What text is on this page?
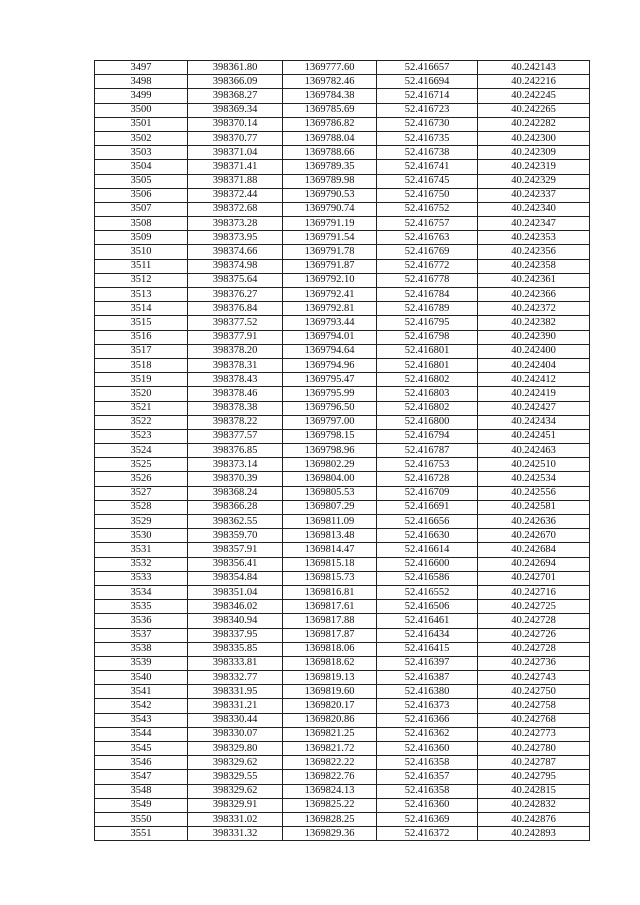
3497	398361.80	1369777.60	52.416657	40.242143
3498	398366.09	1369782.46	52.416694	40.242216
3499	398368.27	1369784.38	52.416714	40.242245
3500	398369.34	1369785.69	52.416723	40.242265
3501	398370.14	1369786.82	52.416730	40.242282
3502	398370.77	1369788.04	52.416735	40.242300
3503	398371.04	1369788.66	52.416738	40.242309
3504	398371.41	1369789.35	52.416741	40.242319
3505	398371.88	1369789.98	52.416745	40.242329
3506	398372.44	1369790.53	52.416750	40.242337
3507	398372.68	1369790.74	52.416752	40.242340
3508	398373.28	1369791.19	52.416757	40.242347
3509	398373.95	1369791.54	52.416763	40.242353
3510	398374.66	1369791.78	52.416769	40.242356
3511	398374.98	1369791.87	52.416772	40.242358
3512	398375.64	1369792.10	52.416778	40.242361
3513	398376.27	1369792.41	52.416784	40.242366
3514	398376.84	1369792.81	52.416789	40.242372
3515	398377.52	1369793.44	52.416795	40.242382
3516	398377.91	1369794.01	52.416798	40.242390
3517	398378.20	1369794.64	52.416801	40.242400
3518	398378.31	1369794.96	52.416801	40.242404
3519	398378.43	1369795.47	52.416802	40.242412
3520	398378.46	1369795.99	52.416803	40.242419
3521	398378.38	1369796.50	52.416802	40.242427
3522	398378.22	1369797.00	52.416800	40.242434
3523	398377.57	1369798.15	52.416794	40.242451
3524	398376.85	1369798.96	52.416787	40.242463
3525	398373.14	1369802.29	52.416753	40.242510
3526	398370.39	1369804.00	52.416728	40.242534
3527	398368.24	1369805.53	52.416709	40.242556
3528	398366.28	1369807.29	52.416691	40.242581
3529	398362.55	1369811.09	52.416656	40.242636
3530	398359.70	1369813.48	52.416630	40.242670
3531	398357.91	1369814.47	52.416614	40.242684
3532	398356.41	1369815.18	52.416600	40.242694
3533	398354.84	1369815.73	52.416586	40.242701
3534	398351.04	1369816.81	52.416552	40.242716
3535	398346.02	1369817.61	52.416506	40.242725
3536	398340.94	1369817.88	52.416461	40.242728
3537	398337.95	1369817.87	52.416434	40.242726
3538	398335.85	1369818.06	52.416415	40.242728
3539	398333.81	1369818.62	52.416397	40.242736
3540	398332.77	1369819.13	52.416387	40.242743
3541	398331.95	1369819.60	52.416380	40.242750
3542	398331.21	1369820.17	52.416373	40.242758
3543	398330.44	1369820.86	52.416366	40.242768
3544	398330.07	1369821.25	52.416362	40.242773
3545	398329.80	1369821.72	52.416360	40.242780
3546	398329.62	1369822.22	52.416358	40.242787
3547	398329.55	1369822.76	52.416357	40.242795
3548	398329.62	1369824.13	52.416358	40.242815
3549	398329.91	1369825.22	52.416360	40.242832
3550	398331.02	1369828.25	52.416369	40.242876
3551	398331.32	1369829.36	52.416372	40.242893
